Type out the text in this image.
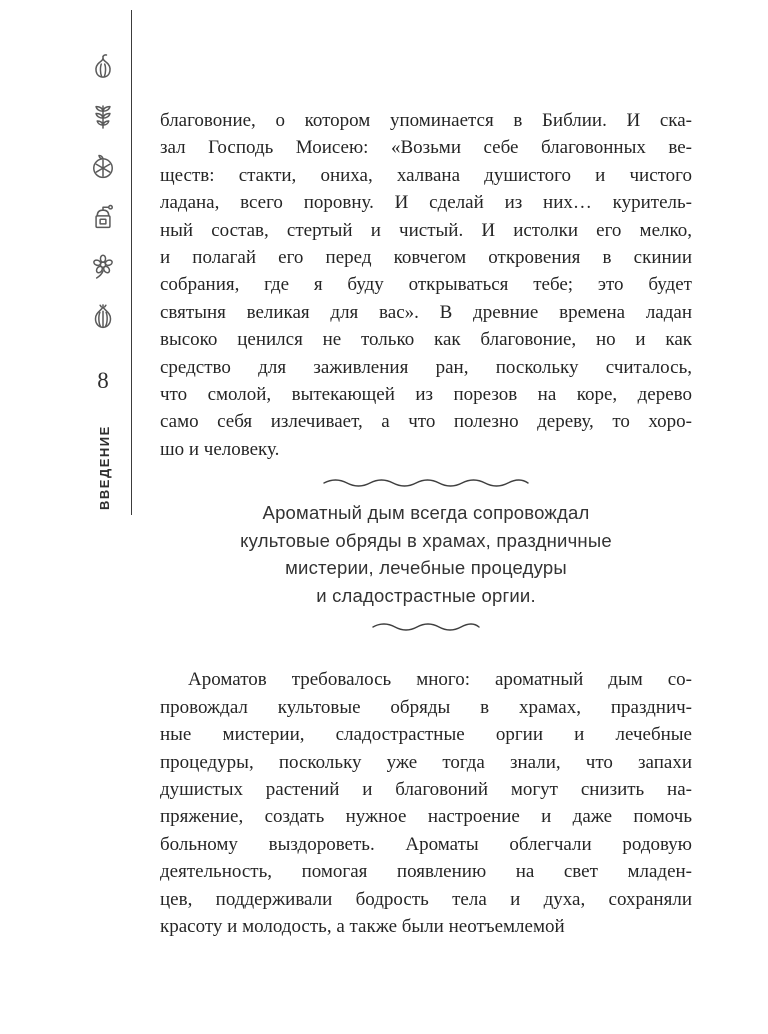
8
ВВЕДЕНИЕ
благовоние, о котором упоминается в Библии. И ска-
зал Господь Моисею: «Возьми себе благовонных ве-
ществ: стакти, ониха, халвана душистого и чистого
ладана, всего поровну. И сделай из них… куритель-
ный состав, стертый и чистый. И истолки его мелко,
и полагай его перед ковчегом откровения в скинии
собрания, где я буду открываться тебе; это будет
святыня великая для вас». В древние времена ладан
высоко ценился не только как благовоние, но и как
средство для заживления ран, поскольку считалось,
что смолой, вытекающей из порезов на коре, дерево
само себя излечивает, а что полезно дереву, то хоро-
шо и человеку.
Ароматный дым всегда сопровождал
культовые обряды в храмах, праздничные
мистерии, лечебные процедуры
и сладострастные оргии.
Ароматов требовалось много: ароматный дым со-
провождал культовые обряды в храмах, празднич-
ные мистерии, сладострастные оргии и лечебные
процедуры, поскольку уже тогда знали, что запахи
душистых растений и благовоний могут снизить на-
пряжение, создать нужное настроение и даже помочь
больному выздороветь. Ароматы облегчали родовую
деятельность, помогая появлению на свет младен-
цев, поддерживали бодрость тела и духа, сохраняли
красоту и молодость, а также были неотъемлемой
